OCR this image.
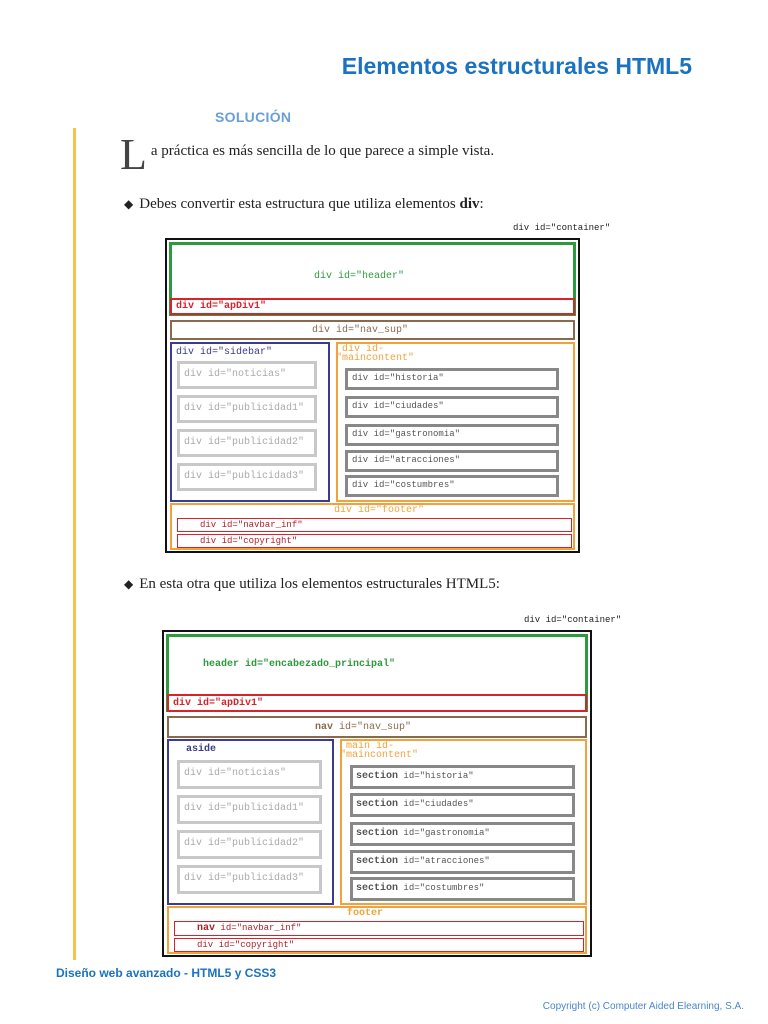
Elementos estructurales HTML5
SOLUCIÓN
L a práctica es más sencilla de lo que parece a simple vista.
◆ Debes convertir esta estructura que utiliza elementos div:
div id="container"
div id="header"
div id="apDiv1"
div id="nav_sup"
div id="sidebar"
div id="noticias"
div id="publicidad1"
div id="publicidad2"
div id="publicidad3"
div id-
"maincontent"
div id="historia"
div id="ciudades"
div id="gastronomia"
div id="atracciones"
div id="costumbres"
div id="footer"
div id="navbar_inf"
div id="copyright"
◆ En esta otra que utiliza los elementos estructurales HTML5:
div id="container"
header id="encabezado_principal"
div id="apDiv1"
nav id="nav_sup"
aside
div id="noticias"
div id="publicidad1"
div id="publicidad2"
div id="publicidad3"
main id-
"maincontent"
section id="historia"
section id="ciudades"
section id="gastronomia"
section id="atracciones"
section id="costumbres"
footer
nav id="navbar_inf"
div id="copyright"
Diseño web avanzado - HTML5 y CSS3
Copyright (c) Computer Aided Elearning, S.A.
